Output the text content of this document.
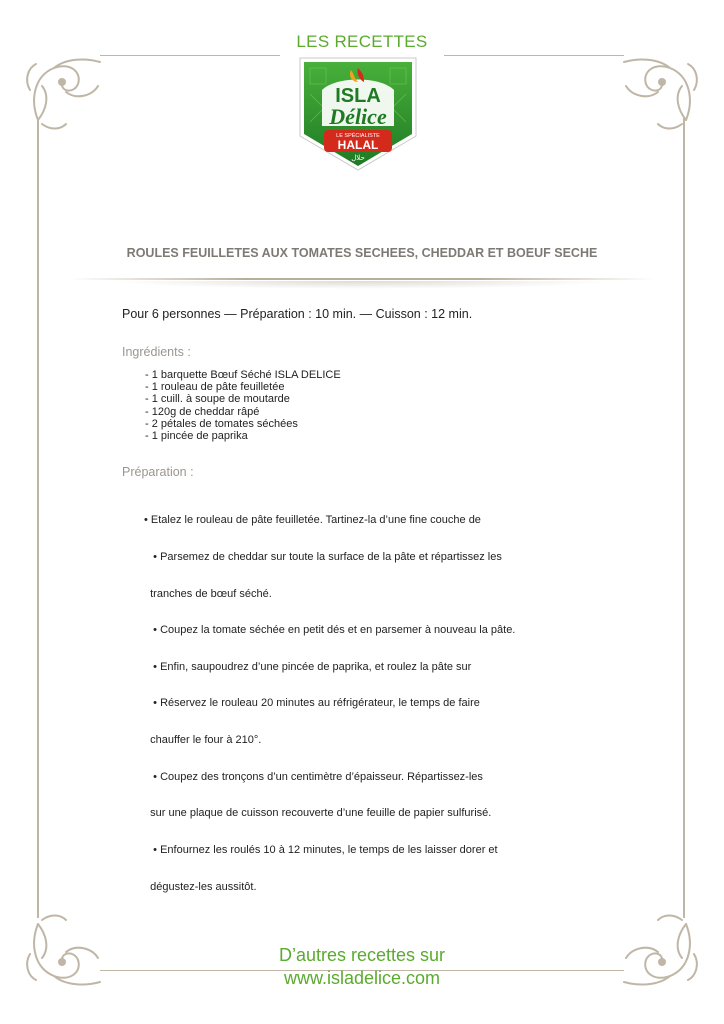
LES RECETTES
ISLA
Délice
LE SPÉCIALISTE
HALAL
حلال
ROULES FEUILLETES AUX TOMATES SECHEES, CHEDDAR ET BOEUF SECHE
Pour 6 personnes — Préparation : 10 min. — Cuisson : 12 min.
Ingrédients :
- 1 barquette Bœuf Séché ISLA DELICE
- 1 rouleau de pâte feuilletée
- 1 cuill. à soupe de moutarde
- 120g de cheddar râpé
- 2 pétales de tomates séchées
- 1 pincée de paprika
Préparation :

• Etalez le rouleau de pâte feuilletée. Tartinez-la d’une fine couche de

• Parsemez de cheddar sur toute la surface de la pâte et répartissez les

tranches de bœuf séché.

• Coupez la tomate séchée en petit dés et en parsemer à nouveau la pâte.

• Enfin, saupoudrez d’une pincée de paprika, et roulez la pâte sur

• Réservez le rouleau 20 minutes au réfrigérateur, le temps de faire

chauffer le four à 210°.

• Coupez des tronçons d’un centimètre d’épaisseur. Répartissez-les

sur une plaque de cuisson recouverte d’une feuille de papier sulfurisé.

• Enfournez les roulés 10 à 12 minutes, le temps de les laisser dorer et

dégustez-les aussitôt.

D’autres recettes sur
www.isladelice.com
